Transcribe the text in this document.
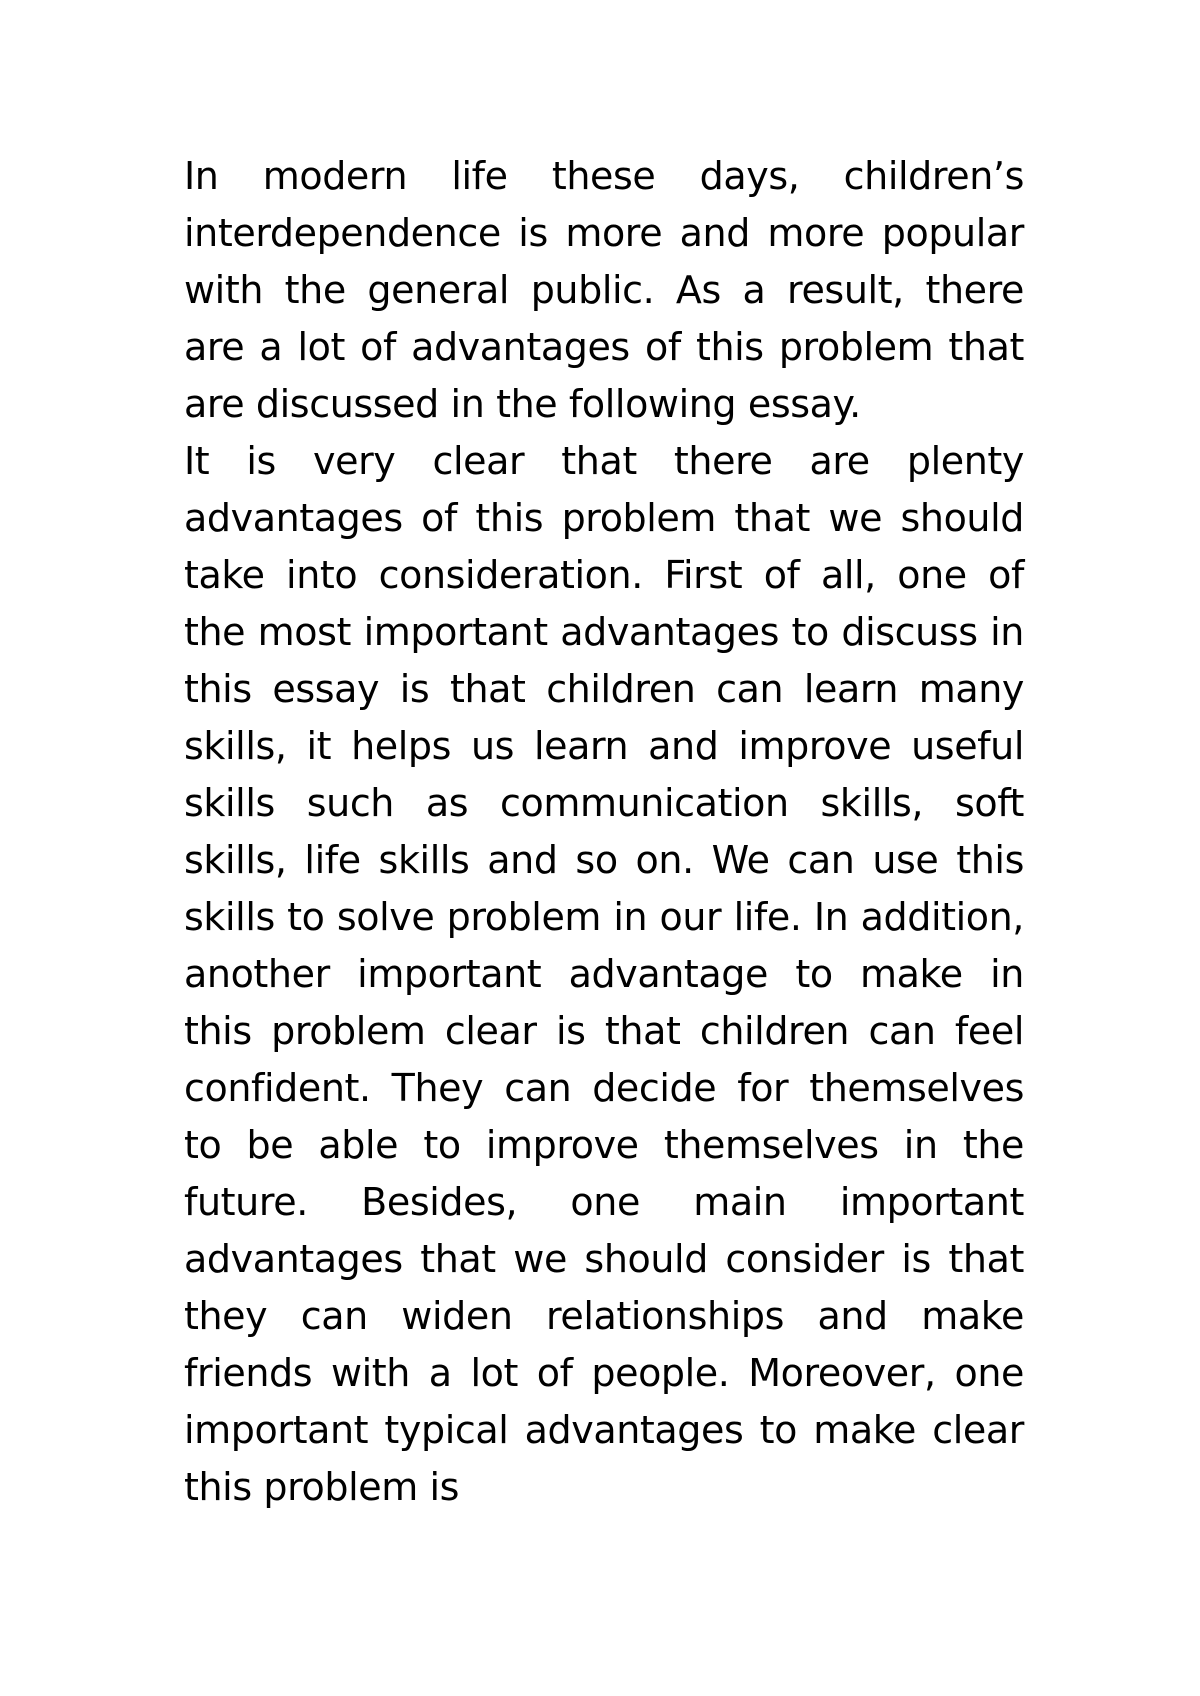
In modern life these days, children’s interdependence is more and more popular with the general public. As a result, there are a lot of advantages of this problem that are discussed in the following essay.

It is very clear that there are plenty advantages of this problem that we should take into consideration. First of all, one of the most important advantages to discuss in this essay is that children can learn many skills, it helps us learn and improve useful skills such as communication skills, soft skills, life skills and so on. We can use this skills to solve problem in our life. In addition, another important advantage to make in this problem clear is that children can feel confident. They can decide for themselves to be able to improve themselves in the future. Besides, one main important advantages that we should consider is that they can widen relationships and make friends with a lot of people. Moreover, one important typical advantages to make clear this problem is
